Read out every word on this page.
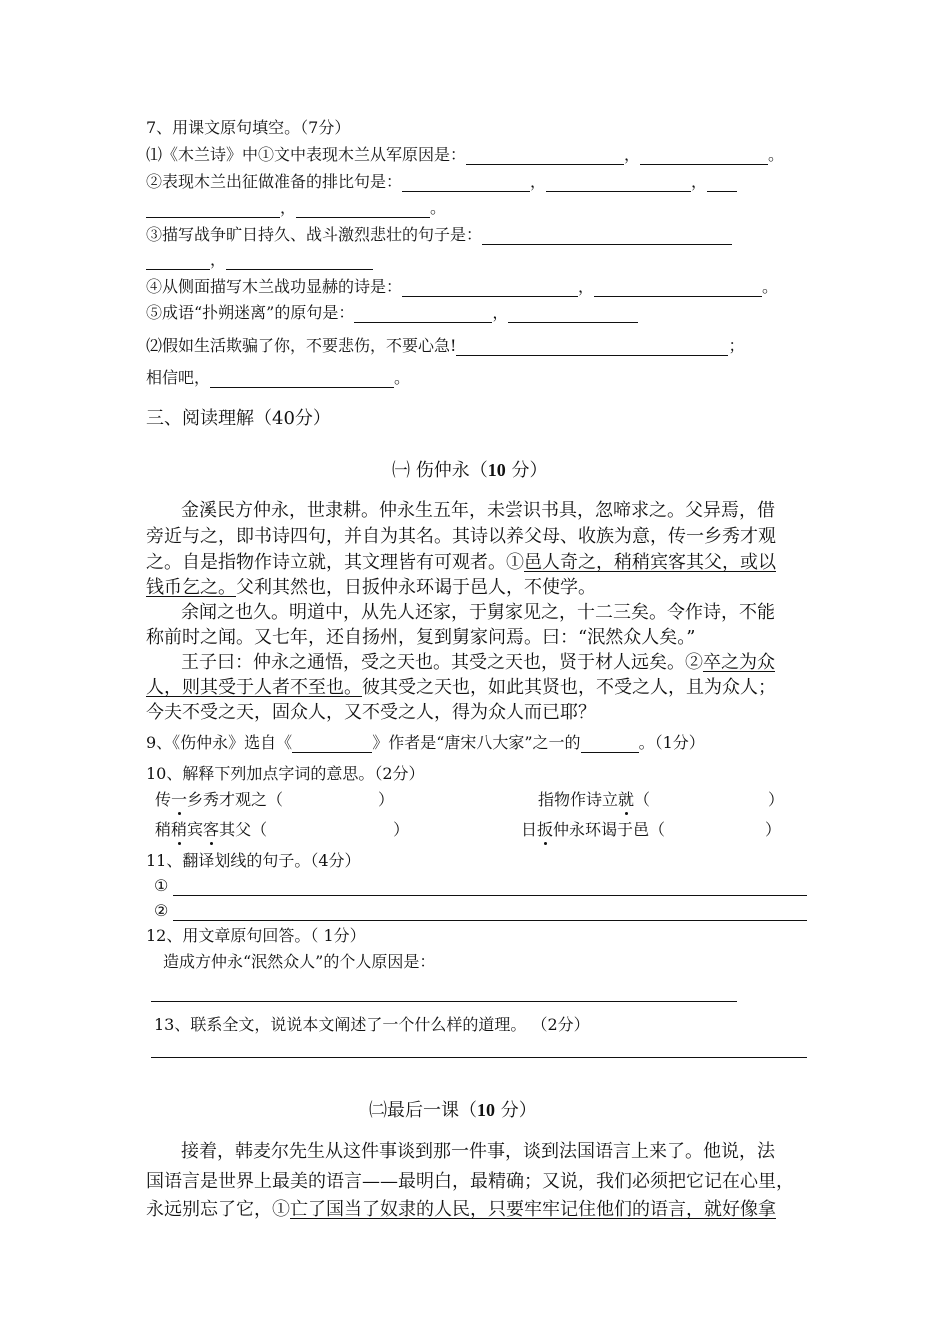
7、用课文原句填空。（7分）
⑴《木兰诗》中①文中表现木兰从军原因是：	，	。
②表现木兰出征做准备的排比句是：	，	，
，	。
③描写战争旷日持久、战斗激烈悲壮的句子是：
，
④从侧面描写木兰战功显赫的诗是：	，	。
⑤成语“扑朔迷离”的原句是：	，
⑵假如生活欺骗了你，不要悲伤，不要心急!	；
相信吧，	。
三、阅读理解（40分）
㈠ 伤仲永（10 分）
金溪民方仲永，世隶耕。仲永生五年，未尝识书具，忽啼求之。父异焉，借
旁近与之，即书诗四句，并自为其名。其诗以养父母、收族为意，传一乡秀才观
之。自是指物作诗立就，其文理皆有可观者。①邑人奇之，稍稍宾客其父，或以
钱币乞之。父利其然也，日扳仲永环谒于邑人，不使学。
余闻之也久。明道中，从先人还家，于舅家见之，十二三矣。令作诗，不能
称前时之闻。又七年，还自扬州，复到舅家问焉。曰：“泯然众人矣。”
王子曰：仲永之通悟，受之天也。其受之天也，贤于材人远矣。②卒之为众
人，则其受于人者不至也。彼其受之天也，如此其贤也，不受之人，且为众人；
今夫不受之天，固众人，又不受之人，得为众人而已耶？
9、《伤仲永》选自《	》作者是“唐宋八大家”之一的	。（1分）
10、解释下列加点字词的意思。（2分）
传一乡秀才观之（	）	指物作诗立就（	）
稍稍宾客其父（	）	日扳仲永环谒于邑（	）
11、翻译划线的句子。（4分）
①
②
12、用文章原句回答。（ 1分）
造成方仲永“泯然众人”的个人原因是：
13、联系全文，说说本文阐述了一个什么样的道理。 （2分）
㈡最后一课（10 分）
接着，韩麦尔先生从这件事谈到那一件事，谈到法国语言上来了。他说，法
国语言是世界上最美的语言——最明白，最精确；又说，我们必须把它记在心里，
永远别忘了它，①亡了国当了奴隶的人民，只要牢牢记住他们的语言，就好像拿
